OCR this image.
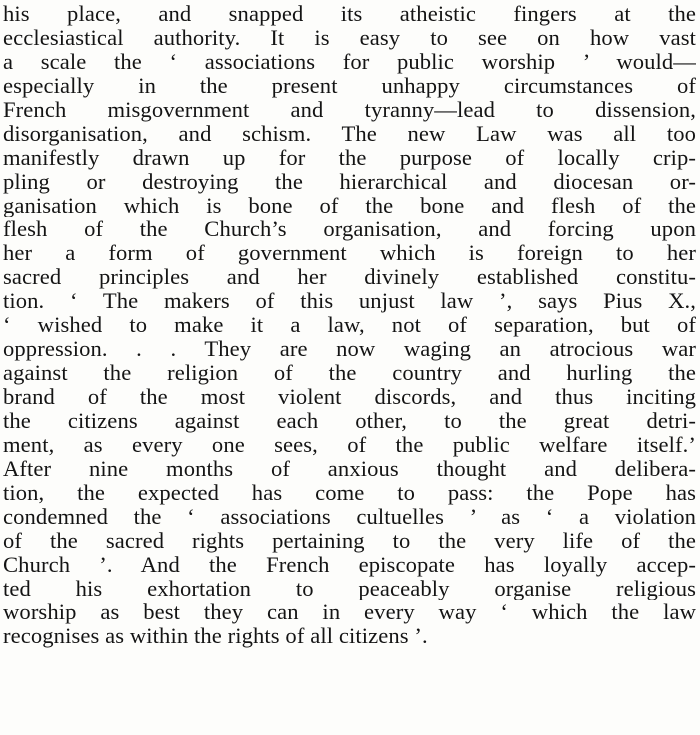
his place, and snapped its atheistic fingers at the
ecclesiastical authority. It is easy to see on how vast
a scale the ‘ associations for public worship ’ would—
especially in the present unhappy circumstances of
French misgovernment and tyranny—lead to dissension,
disorganisation, and schism. The new Law was all too
manifestly drawn up for the purpose of locally crip-
pling or destroying the hierarchical and diocesan or-
ganisation which is bone of the bone and flesh of the
flesh of the Church’s organisation, and forcing upon
her a form of government which is foreign to her
sacred principles and her divinely established constitu-
tion. ‘ The makers of this unjust law ’, says Pius X.,
‘ wished to make it a law, not of separation, but of
oppression. . . They are now waging an atrocious war
against the religion of the country and hurling the
brand of the most violent discords, and thus inciting
the citizens against each other, to the great detri-
ment, as every one sees, of the public welfare itself.’
After nine months of anxious thought and delibera-
tion, the expected has come to pass: the Pope has
condemned the ‘ associations cultuelles ’ as ‘ a violation
of the sacred rights pertaining to the very life of the
Church ’. And the French episcopate has loyally accep-
ted his exhortation to peaceably organise religious
worship as best they can in every way ‘ which the law
recognises as within the rights of all citizens ’.
